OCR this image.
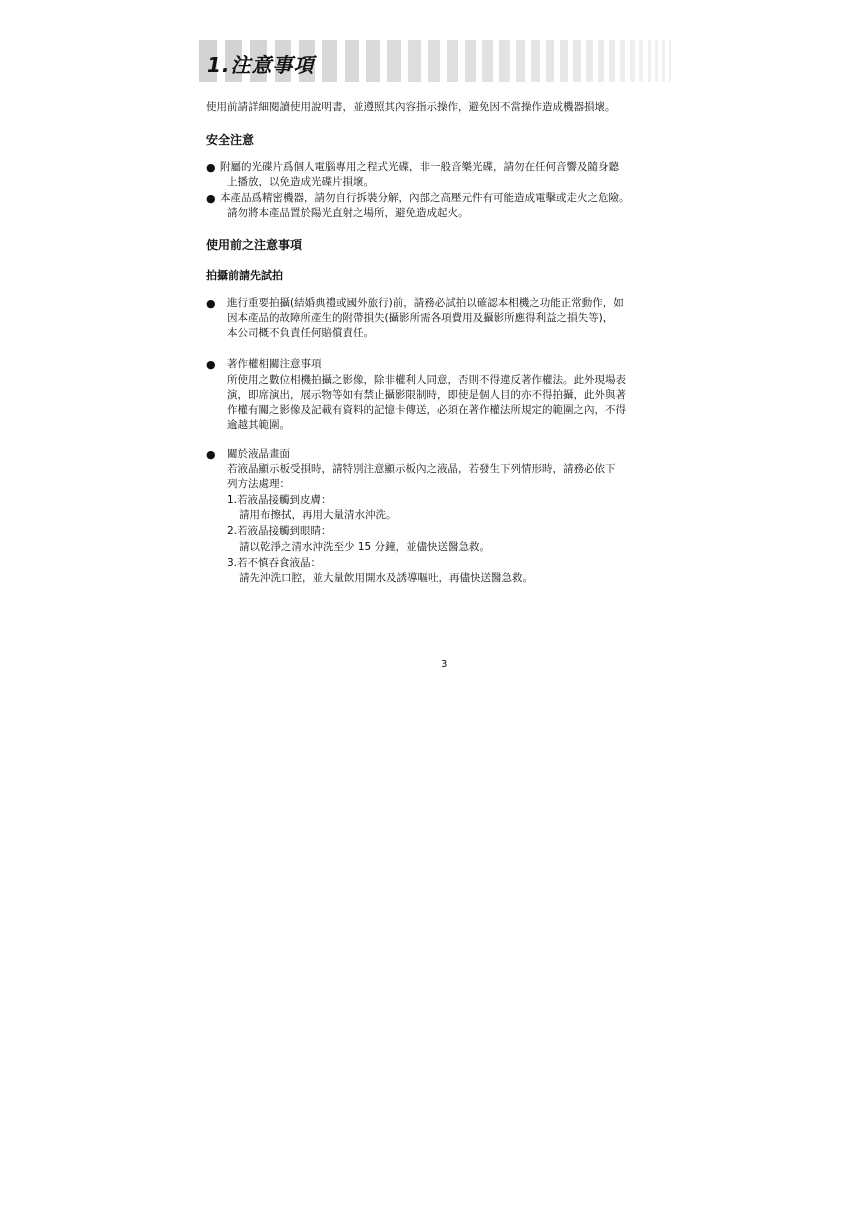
1.注意事項
使用前請詳細閱讀使用說明書，並遵照其內容指示操作，避免因不當操作造成機器損壞。
安全注意
● 附屬的光碟片爲個人電腦專用之程式光碟，非一般音樂光碟，請勿在任何音響及隨身聽
上播放，以免造成光碟片損壞。
● 本產品爲精密機器，請勿自行拆裝分解，內部之高壓元件有可能造成電擊或走火之危險。
請勿將本產品置於陽光直射之場所，避免造成起火。
使用前之注意事項
拍攝前請先試拍
● 進行重要拍攝(結婚典禮或國外旅行)前，請務必試拍以確認本相機之功能正常動作，如
因本產品的故障所產生的附帶損失(攝影所需各項費用及攝影所應得利益之損失等)，
本公司概不負責任何賠償責任。
● 著作權相關注意事項
所使用之數位相機拍攝之影像，除非權利人同意，否則不得違反著作權法。此外現場表
演，即席演出，展示物等如有禁止攝影限制時，即使是個人目的亦不得拍攝，此外與著
作權有關之影像及記載有資料的記憶卡傳送，必須在著作權法所規定的範圍之內，不得
逾越其範圍。
● 關於液晶畫面
若液晶顯示板受損時，請特別注意顯示板內之液晶，若發生下列情形時，請務必依下
列方法處理：
1.若液晶接觸到皮膚：
請用布擦拭，再用大量清水沖洗。
2.若液晶接觸到眼睛：
請以乾淨之清水沖洗至少 15 分鐘，並儘快送醫急救。
3.若不慎吞食液晶：
請先沖洗口腔，並大量飲用開水及誘導嘔吐，再儘快送醫急救。
3
